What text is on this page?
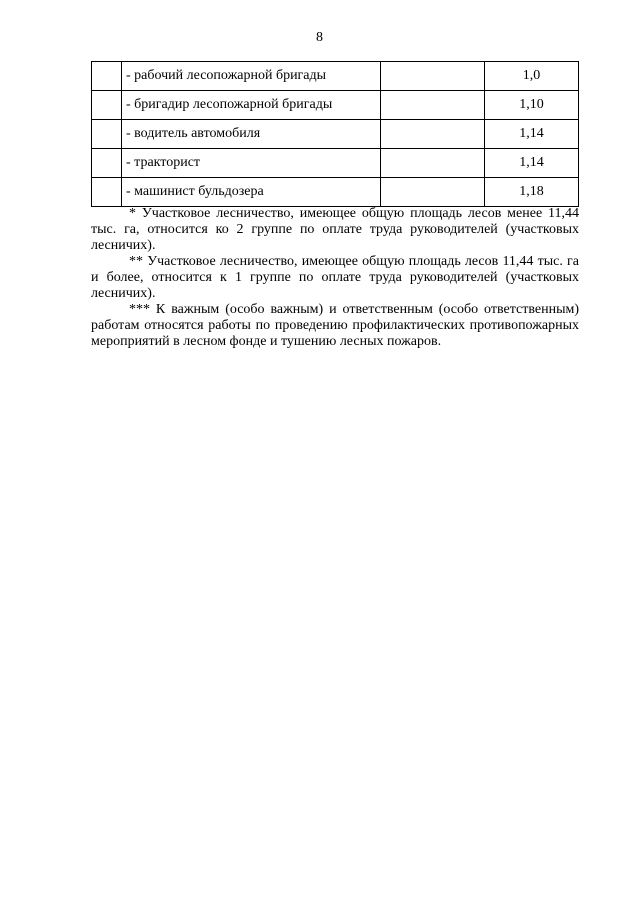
8
	- рабочий лесопожарной бригады		1,0
	- бригадир лесопожарной бригады		1,10
	- водитель автомобиля		1,14
	- тракторист		1,14
	- машинист бульдозера		1,18

* Участковое лесничество, имеющее общую площадь лесов менее 11,44 тыс. га, относится ко 2 группе по оплате труда руководителей (участковых лесничих).

** Участковое лесничество, имеющее общую площадь лесов 11,44 тыс. га и более, относится к 1 группе по оплате труда руководителей (участковых лесничих).

*** К важным (особо важным) и ответственным (особо ответственным) работам относятся работы по проведению профилактических противопожарных мероприятий в лесном фонде и тушению лесных пожаров.
